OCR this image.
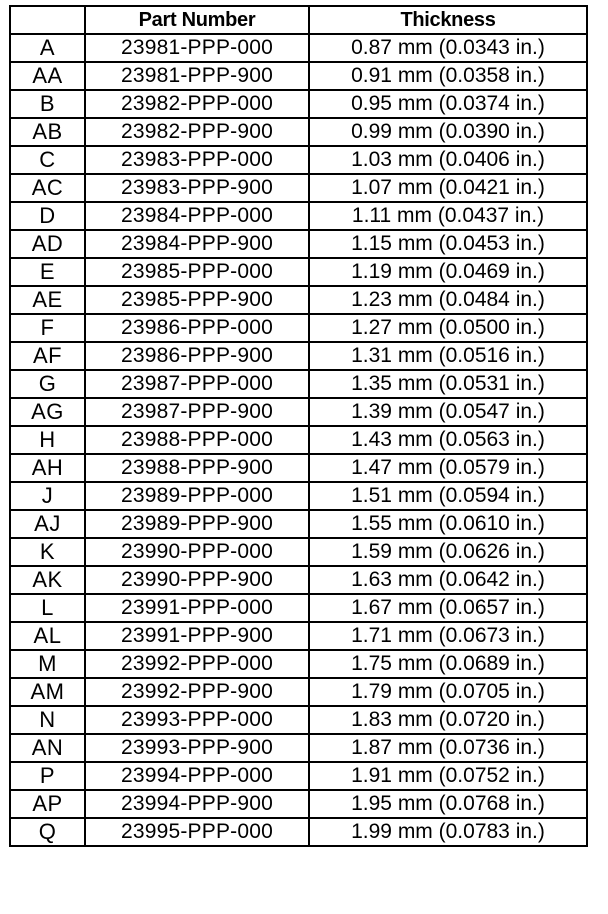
	Part Number	Thickness
A	23981-PPP-000	0.87 mm (0.0343 in.)
AA	23981-PPP-900	0.91 mm (0.0358 in.)
B	23982-PPP-000	0.95 mm (0.0374 in.)
AB	23982-PPP-900	0.99 mm (0.0390 in.)
C	23983-PPP-000	1.03 mm (0.0406 in.)
AC	23983-PPP-900	1.07 mm (0.0421 in.)
D	23984-PPP-000	1.11 mm (0.0437 in.)
AD	23984-PPP-900	1.15 mm (0.0453 in.)
E	23985-PPP-000	1.19 mm (0.0469 in.)
AE	23985-PPP-900	1.23 mm (0.0484 in.)
F	23986-PPP-000	1.27 mm (0.0500 in.)
AF	23986-PPP-900	1.31 mm (0.0516 in.)
G	23987-PPP-000	1.35 mm (0.0531 in.)
AG	23987-PPP-900	1.39 mm (0.0547 in.)
H	23988-PPP-000	1.43 mm (0.0563 in.)
AH	23988-PPP-900	1.47 mm (0.0579 in.)
J	23989-PPP-000	1.51 mm (0.0594 in.)
AJ	23989-PPP-900	1.55 mm (0.0610 in.)
K	23990-PPP-000	1.59 mm (0.0626 in.)
AK	23990-PPP-900	1.63 mm (0.0642 in.)
L	23991-PPP-000	1.67 mm (0.0657 in.)
AL	23991-PPP-900	1.71 mm (0.0673 in.)
M	23992-PPP-000	1.75 mm (0.0689 in.)
AM	23992-PPP-900	1.79 mm (0.0705 in.)
N	23993-PPP-000	1.83 mm (0.0720 in.)
AN	23993-PPP-900	1.87 mm (0.0736 in.)
P	23994-PPP-000	1.91 mm (0.0752 in.)
AP	23994-PPP-900	1.95 mm (0.0768 in.)
Q	23995-PPP-000	1.99 mm (0.0783 in.)
